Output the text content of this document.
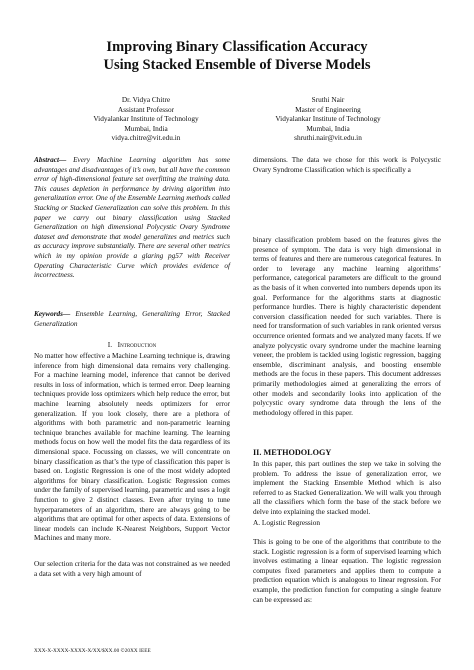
Improving Binary Classification Accuracy
Using Stacked Ensemble of Diverse Models
Dr. Vidya Chitre
Assistant Professor
Vidyalankar Institute of Technology
Mumbai, India
vidya.chitre@vit.edu.in
Sruthi Nair
Master of Engineering
Vidyalankar Institute of Technology
Mumbai, India
shruthi.nair@vit.edu.in

Abstract— Every Machine Learning algorithm has some advantages and disadvantages of it’s own, but all have the common error of high-dimensional feature set overfitting the training data. This causes depletion in performance by driving algorithm into generalization error. One of the Ensemble Learning methods called Stacking or Stacked Generalization can solve this problem. In this paper we carry out binary classification using Stacked Generalization on high dimensional Polycystic Ovary Syndrome dataset and demonstrate that model generalizes and metrics such as accuracy improve substantially. There are several other metrics which in my opinion provide a glaring pg57 with Receiver Operating Characteristic Curve which provides evidence of incorrectness.

Keywords— Ensemble Learning, Generalizing Error, Stacked Generalization

I. Introduction

No matter how effective a Machine Learning technique is, drawing inference from high dimensional data remains very challenging. For a machine learning model, inference that cannot be derived results in loss of information, which is termed error. Deep learning techniques provide loss optimizers which help reduce the error, but machine learning absolutely needs optimizers for error generalization. If you look closely, there are a plethora of algorithms with both parametric and non-parametric learning technique branches available for machine learning. The learning methods focus on how well the model fits the data regardless of its dimensional space. Focussing on classes, we will concentrate on binary classification as that’s the type of classification this paper is based on. Logistic Regression is one of the most widely adopted algorithms for binary classification. Logistic Regression comes under the family of supervised learning, parametric and uses a logit function to give 2 distinct classes. Even after trying to tune hyperparameters of an algorithm, there are always going to be algorithms that are optimal for other aspects of data. Extensions of linear models can include K-Nearest Neighbors, Support Vector Machines and many more.

Our selection criteria for the data was not constrained as we needed a data set with a very high amount of

dimensions. The data we chose for this work is Polycystic Ovary Syndrome Classification which is specifically a

binary classification problem based on the features gives the presence of symptom. The data is very high dimensional in terms of features and there are numerous categorical features. In order to leverage any machine learning algorithms’ performance, categorical parameters are difficult to the ground as the basis of it when converted into numbers depends upon its goal. Performance for the algorithms starts at diagnostic performance hurdles. There is highly characteristic dependent conversion classification needed for such variables. There is need for transformation of such variables in rank oriented versus occurrence oriented formats and we analyzed many facets. If we analyze polycystic ovary syndrome under the machine learning veneer, the problem is tackled using logistic regression, bagging ensemble, discriminant analysis, and boosting ensemble methods are the focus in these papers. This document addresses primarily methodologies aimed at generalizing the errors of other models and secondarily looks into application of the polycystic ovary syndrome data through the lens of the methodology offered in this paper.

II. METHODOLOGY

In this paper, this part outlines the step we take in solving the problem. To address the issue of generalization error, we implement the Stacking Ensemble Method which is also referred to as Stacked Generalization. We will walk you through all the classifiers which form the base of the stack before we delve into explaining the stacked model.

A. Logistic Regression

This is going to be one of the algorithms that contribute to the stack. Logistic regression is a form of supervised learning which involves estimating a linear equation. The logistic regression computes fixed parameters and applies them to compute a prediction equation which is analogous to linear regression. For example, the prediction function for computing a single feature can be expressed as:

XXX-X-XXXX-XXXX-X/XX/$XX.00 ©20XX IEEE
